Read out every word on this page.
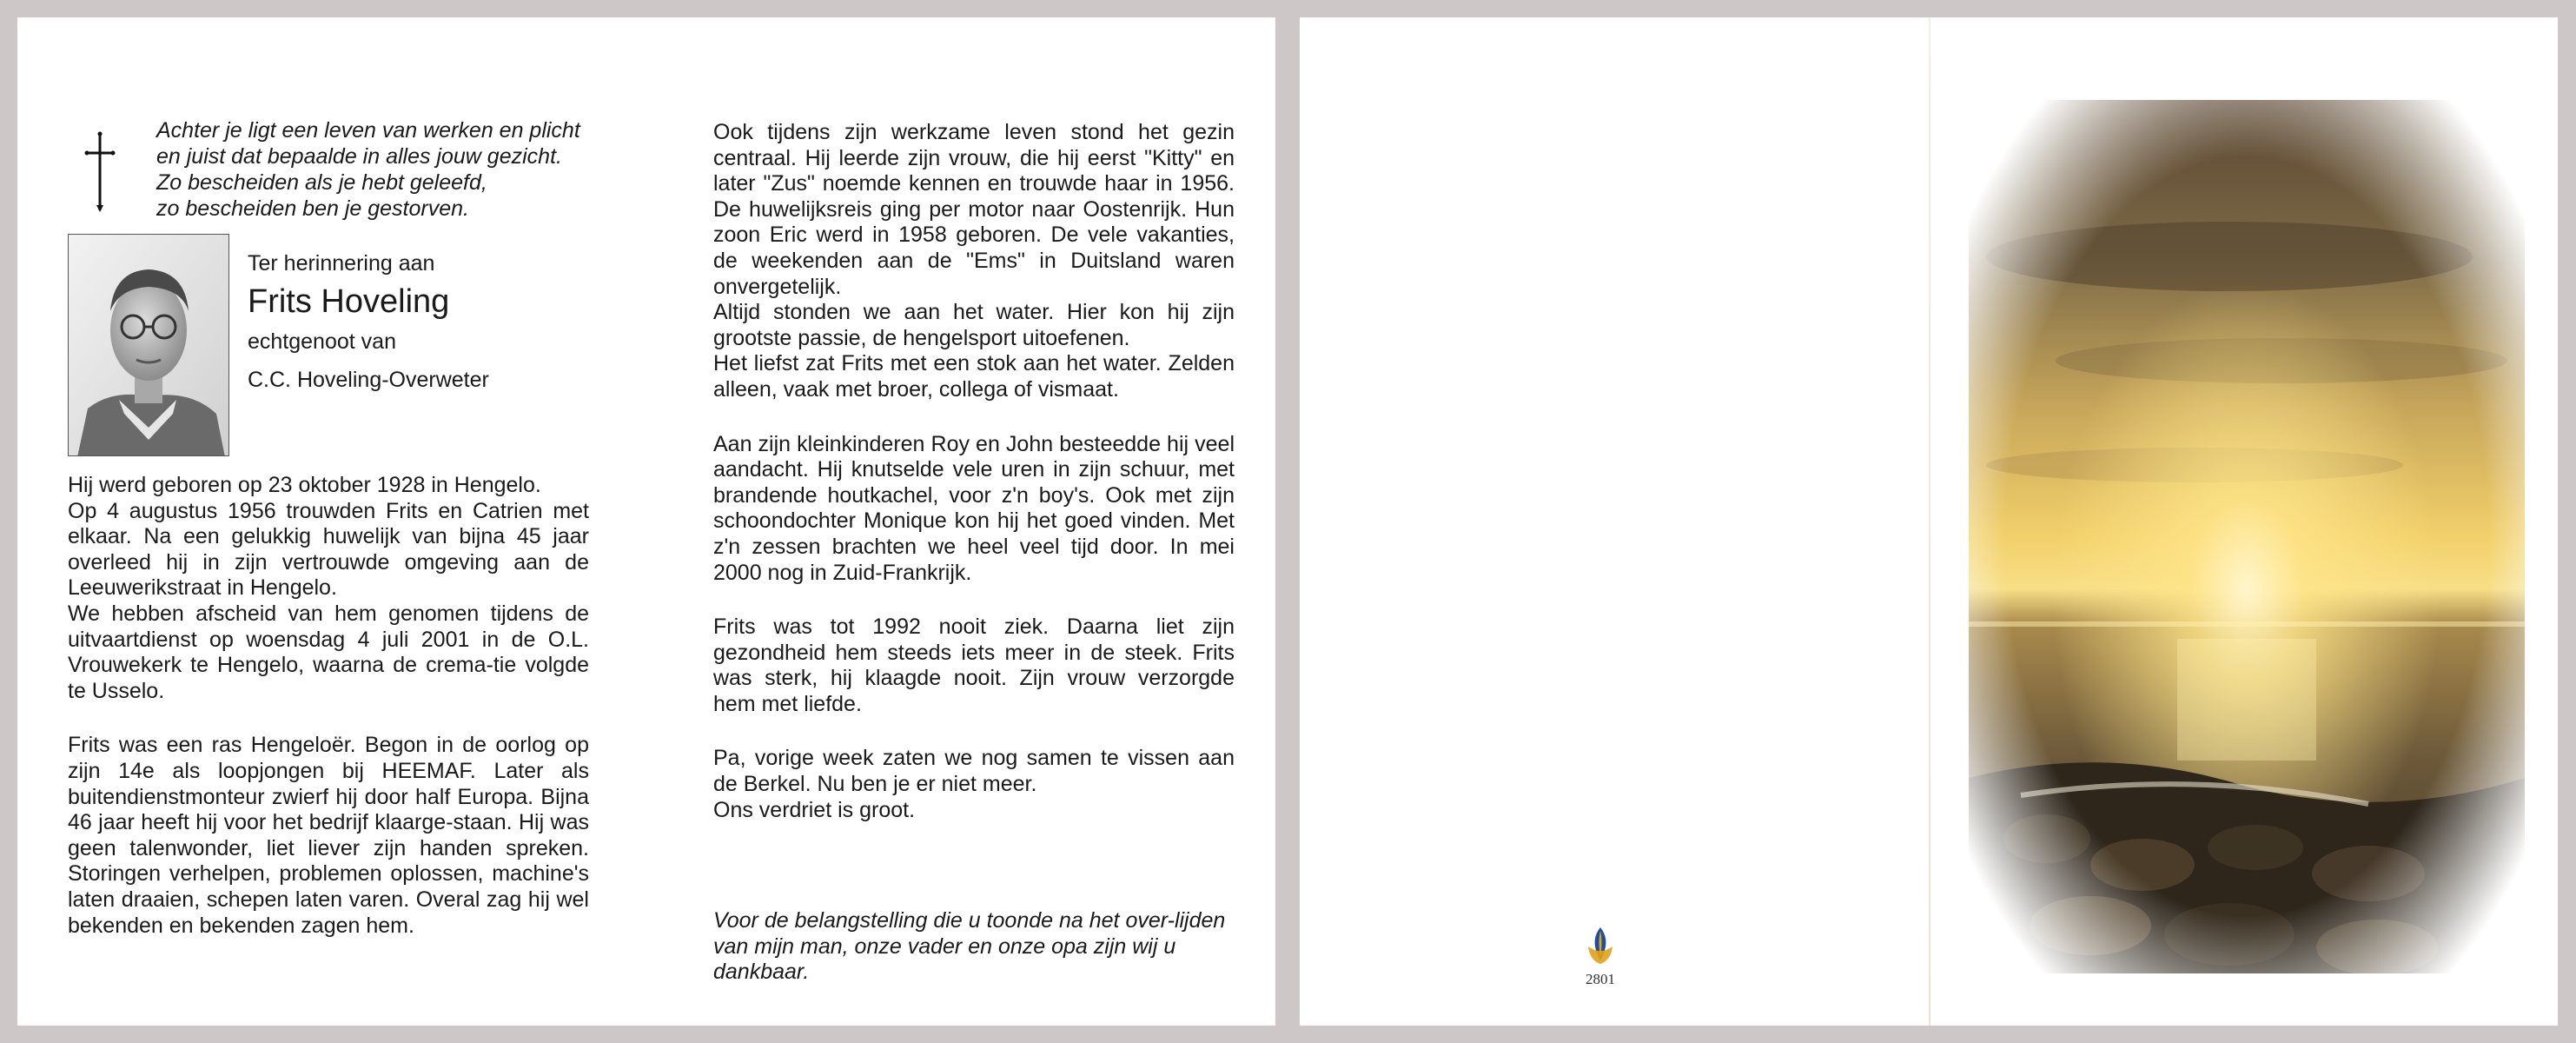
Achter je ligt een leven van werken en plicht
en juist dat bepaalde in alles jouw gezicht.
Zo bescheiden als je hebt geleefd,
zo bescheiden ben je gestorven.
Ter herinnering aan
Frits Hoveling
echtgenoot van
C.C. Hoveling-Overweter

Hij werd geboren op 23 oktober 1928 in Hengelo.
Op 4 augustus 1956 trouwden Frits en Catrien met elkaar. Na een gelukkig huwelijk van bijna 45 jaar overleed hij in zijn vertrouwde omgeving aan de Leeuwerikstraat in Hengelo.
We hebben afscheid van hem genomen tijdens de uitvaartdienst op woensdag 4 juli 2001 in de O.L. Vrouwekerk te Hengelo, waarna de crema-tie volgde te Usselo.

Frits was een ras Hengeloër. Begon in de oorlog op zijn 14e als loopjongen bij HEEMAF. Later als buitendienstmonteur zwierf hij door half Europa. Bijna 46 jaar heeft hij voor het bedrijf klaarge-staan. Hij was geen talenwonder, liet liever zijn handen spreken. Storingen verhelpen, problemen oplossen, machine's laten draaien, schepen laten varen. Overal zag hij wel bekenden en bekenden zagen hem.

Ook tijdens zijn werkzame leven stond het gezin centraal. Hij leerde zijn vrouw, die hij eerst "Kitty" en later "Zus" noemde kennen en trouwde haar in 1956. De huwelijksreis ging per motor naar Oostenrijk. Hun zoon Eric werd in 1958 geboren. De vele vakanties, de weekenden aan de "Ems" in Duitsland waren onvergetelijk.
Altijd stonden we aan het water. Hier kon hij zijn grootste passie, de hengelsport uitoefenen.
Het liefst zat Frits met een stok aan het water. Zelden alleen, vaak met broer, collega of vismaat.

Aan zijn kleinkinderen Roy en John besteedde hij veel aandacht. Hij knutselde vele uren in zijn schuur, met brandende houtkachel, voor z'n boy's. Ook met zijn schoondochter Monique kon hij het goed vinden. Met z'n zessen brachten we heel veel tijd door. In mei 2000 nog in Zuid-Frankrijk.

Frits was tot 1992 nooit ziek. Daarna liet zijn gezondheid hem steeds iets meer in de steek. Frits was sterk, hij klaagde nooit. Zijn vrouw verzorgde hem met liefde.

Pa, vorige week zaten we nog samen te vissen aan de Berkel. Nu ben je er niet meer.
Ons verdriet is groot.

Voor de belangstelling die u toonde na het over-lijden van mijn man, onze vader en onze opa zijn wij u dankbaar.	2801
